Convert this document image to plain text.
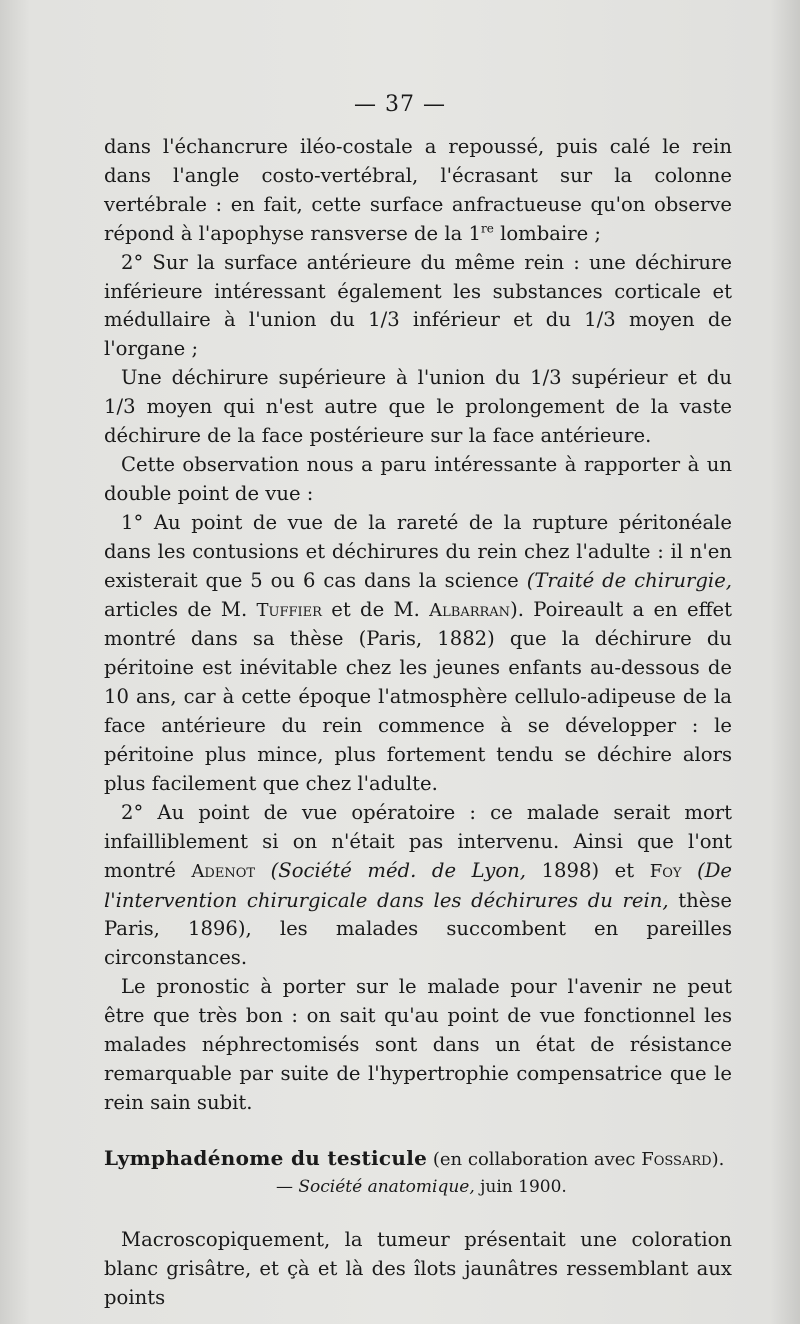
— 37 —

dans l'échancrure iléo-costale a repoussé, puis calé le rein dans l'angle costo-vertébral, l'écrasant sur la colonne vertébrale : en fait, cette surface anfractueuse qu'on observe répond à l'apophyse ransverse de la 1re lombaire ;

2° Sur la surface antérieure du même rein : une déchirure inférieure intéressant également les substances corticale et médullaire à l'union du 1/3 inférieur et du 1/3 moyen de l'organe ;

Une déchirure supérieure à l'union du 1/3 supérieur et du 1/3 moyen qui n'est autre que le prolongement de la vaste déchirure de la face postérieure sur la face antérieure.

Cette observation nous a paru intéressante à rapporter à un double point de vue :

1° Au point de vue de la rareté de la rupture péritonéale dans les contusions et déchirures du rein chez l'adulte : il n'en existerait que 5 ou 6 cas dans la science (Traité de chirurgie, articles de M. Tuffier et de M. Albarran). Poireault a en effet montré dans sa thèse (Paris, 1882) que la déchirure du péritoine est inévitable chez les jeunes enfants au-dessous de 10 ans, car à cette époque l'atmosphère cellulo-adipeuse de la face antérieure du rein commence à se développer : le péritoine plus mince, plus fortement tendu se déchire alors plus facilement que chez l'adulte.

2° Au point de vue opératoire : ce malade serait mort infailliblement si on n'était pas intervenu. Ainsi que l'ont montré Adenot (Société méd. de Lyon, 1898) et Foy (De l'intervention chirurgicale dans les déchirures du rein, thèse Paris, 1896), les malades succombent en pareilles circonstances.

Le pronostic à porter sur le malade pour l'avenir ne peut être que très bon : on sait qu'au point de vue fonctionnel les malades néphrectomisés sont dans un état de résistance remarquable par suite de l'hypertrophie compensatrice que le rein sain subit.

Lymphadénome du testicule (en collaboration avec Fossard).

— Société anatomique, juin 1900.

Macroscopiquement, la tumeur présentait une coloration blanc grisâtre, et çà et là des îlots jaunâtres ressemblant aux points
